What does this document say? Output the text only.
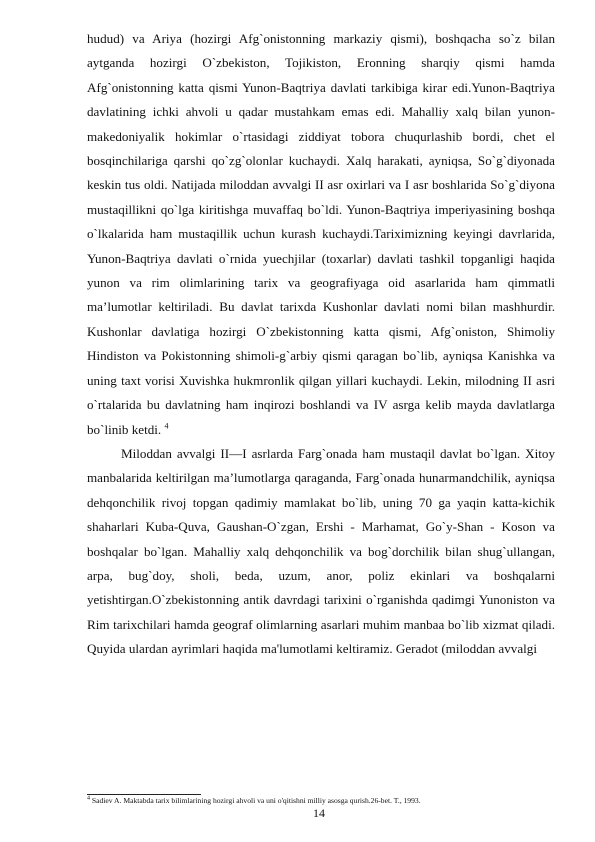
hudud) va Ariya (hozirgi Afg`onistonning markaziy qismi), boshqacha so`z bilan aytganda hozirgi O`zbekiston, Tojikiston, Eronning sharqiy qismi hamda Afg`onistonning katta qismi Yunon-Baqtriya davlati tarkibiga kirar edi.Yunon-Baqtriya davlatining ichki ahvoli u qadar mustahkam emas edi. Mahalliy xalq bilan yunon-makedoniyalik hokimlar o`rtasidagi ziddiyat tobora chuqurlashib bordi, chet el bosqinchilariga qarshi qo`zg`olonlar kuchaydi. Xalq harakati, ayniqsa, So`g`diyonada keskin tus oldi. Natijada miloddan avvalgi II asr oxirlari va I asr boshlarida So`g`diyona mustaqillikni qo`lga kiritishga muvaffaq bo`ldi. Yunon-Baqtriya imperiyasining boshqa o`lkalarida ham mustaqillik uchun kurash kuchaydi.Tariximizning keyingi davrlarida, Yunon-Baqtriya davlati o`rnida yuechjilar (toxarlar) davlati tashkil topganligi haqida yunon va rim olimlarining tarix va geografiyaga oid asarlarida ham qimmatli ma’lumotlar keltiriladi. Bu davlat tarixda Kushonlar davlati nomi bilan mashhurdir. Kushonlar davlatiga hozirgi O`zbekistonning katta qismi, Afg`oniston, Shimoliy Hindiston va Pokistonning shimoli-g`arbiy qismi qaragan bo`lib, ayniqsa Kanishka va uning taxt vorisi Xuvishka hukmronlik qilgan yillari kuchaydi. Lekin, milodning II asri o`rtalarida bu davlatning ham inqirozi boshlandi va IV asrga kelib mayda davlatlarga bo`linib ketdi. $^4$

Miloddan avvalgi II—I asrlarda Farg`onada ham mustaqil davlat bo`lgan. Xitoy manbalarida keltirilgan ma’lumotlarga qaraganda, Farg`onada hunarmandchilik, ayniqsa dehqonchilik rivoj topgan qadimiy mamlakat bo`lib, uning 70 ga yaqin katta-kichik shaharlari Kuba-Quva, Gaushan-O`zgan, Ershi - Marhamat, Go`y-Shan - Koson va boshqalar bo`lgan. Mahalliy xalq dehqonchilik va bog`dorchilik bilan shug`ullangan, arpa, bug`doy, sholi, beda, uzum, anor, poliz ekinlari va boshqalarni yetishtirgan.O`zbekistonning antik davrdagi tarixini o`rganishda qadimgi Yunoniston va Rim tarixchilari hamda geograf olimlarning asarlari muhim manbaa bo`lib xizmat qiladi. Quyida ulardan ayrimlari haqida ma'lumotlami keltiramiz. Geradot (miloddan avvalgi

$^4$ Sadiev A. Maktabda tarix bilimlarining hozirgi ahvoli va uni o'qitishni milliy asosga qurish.26-bet. T., 1993.
14
